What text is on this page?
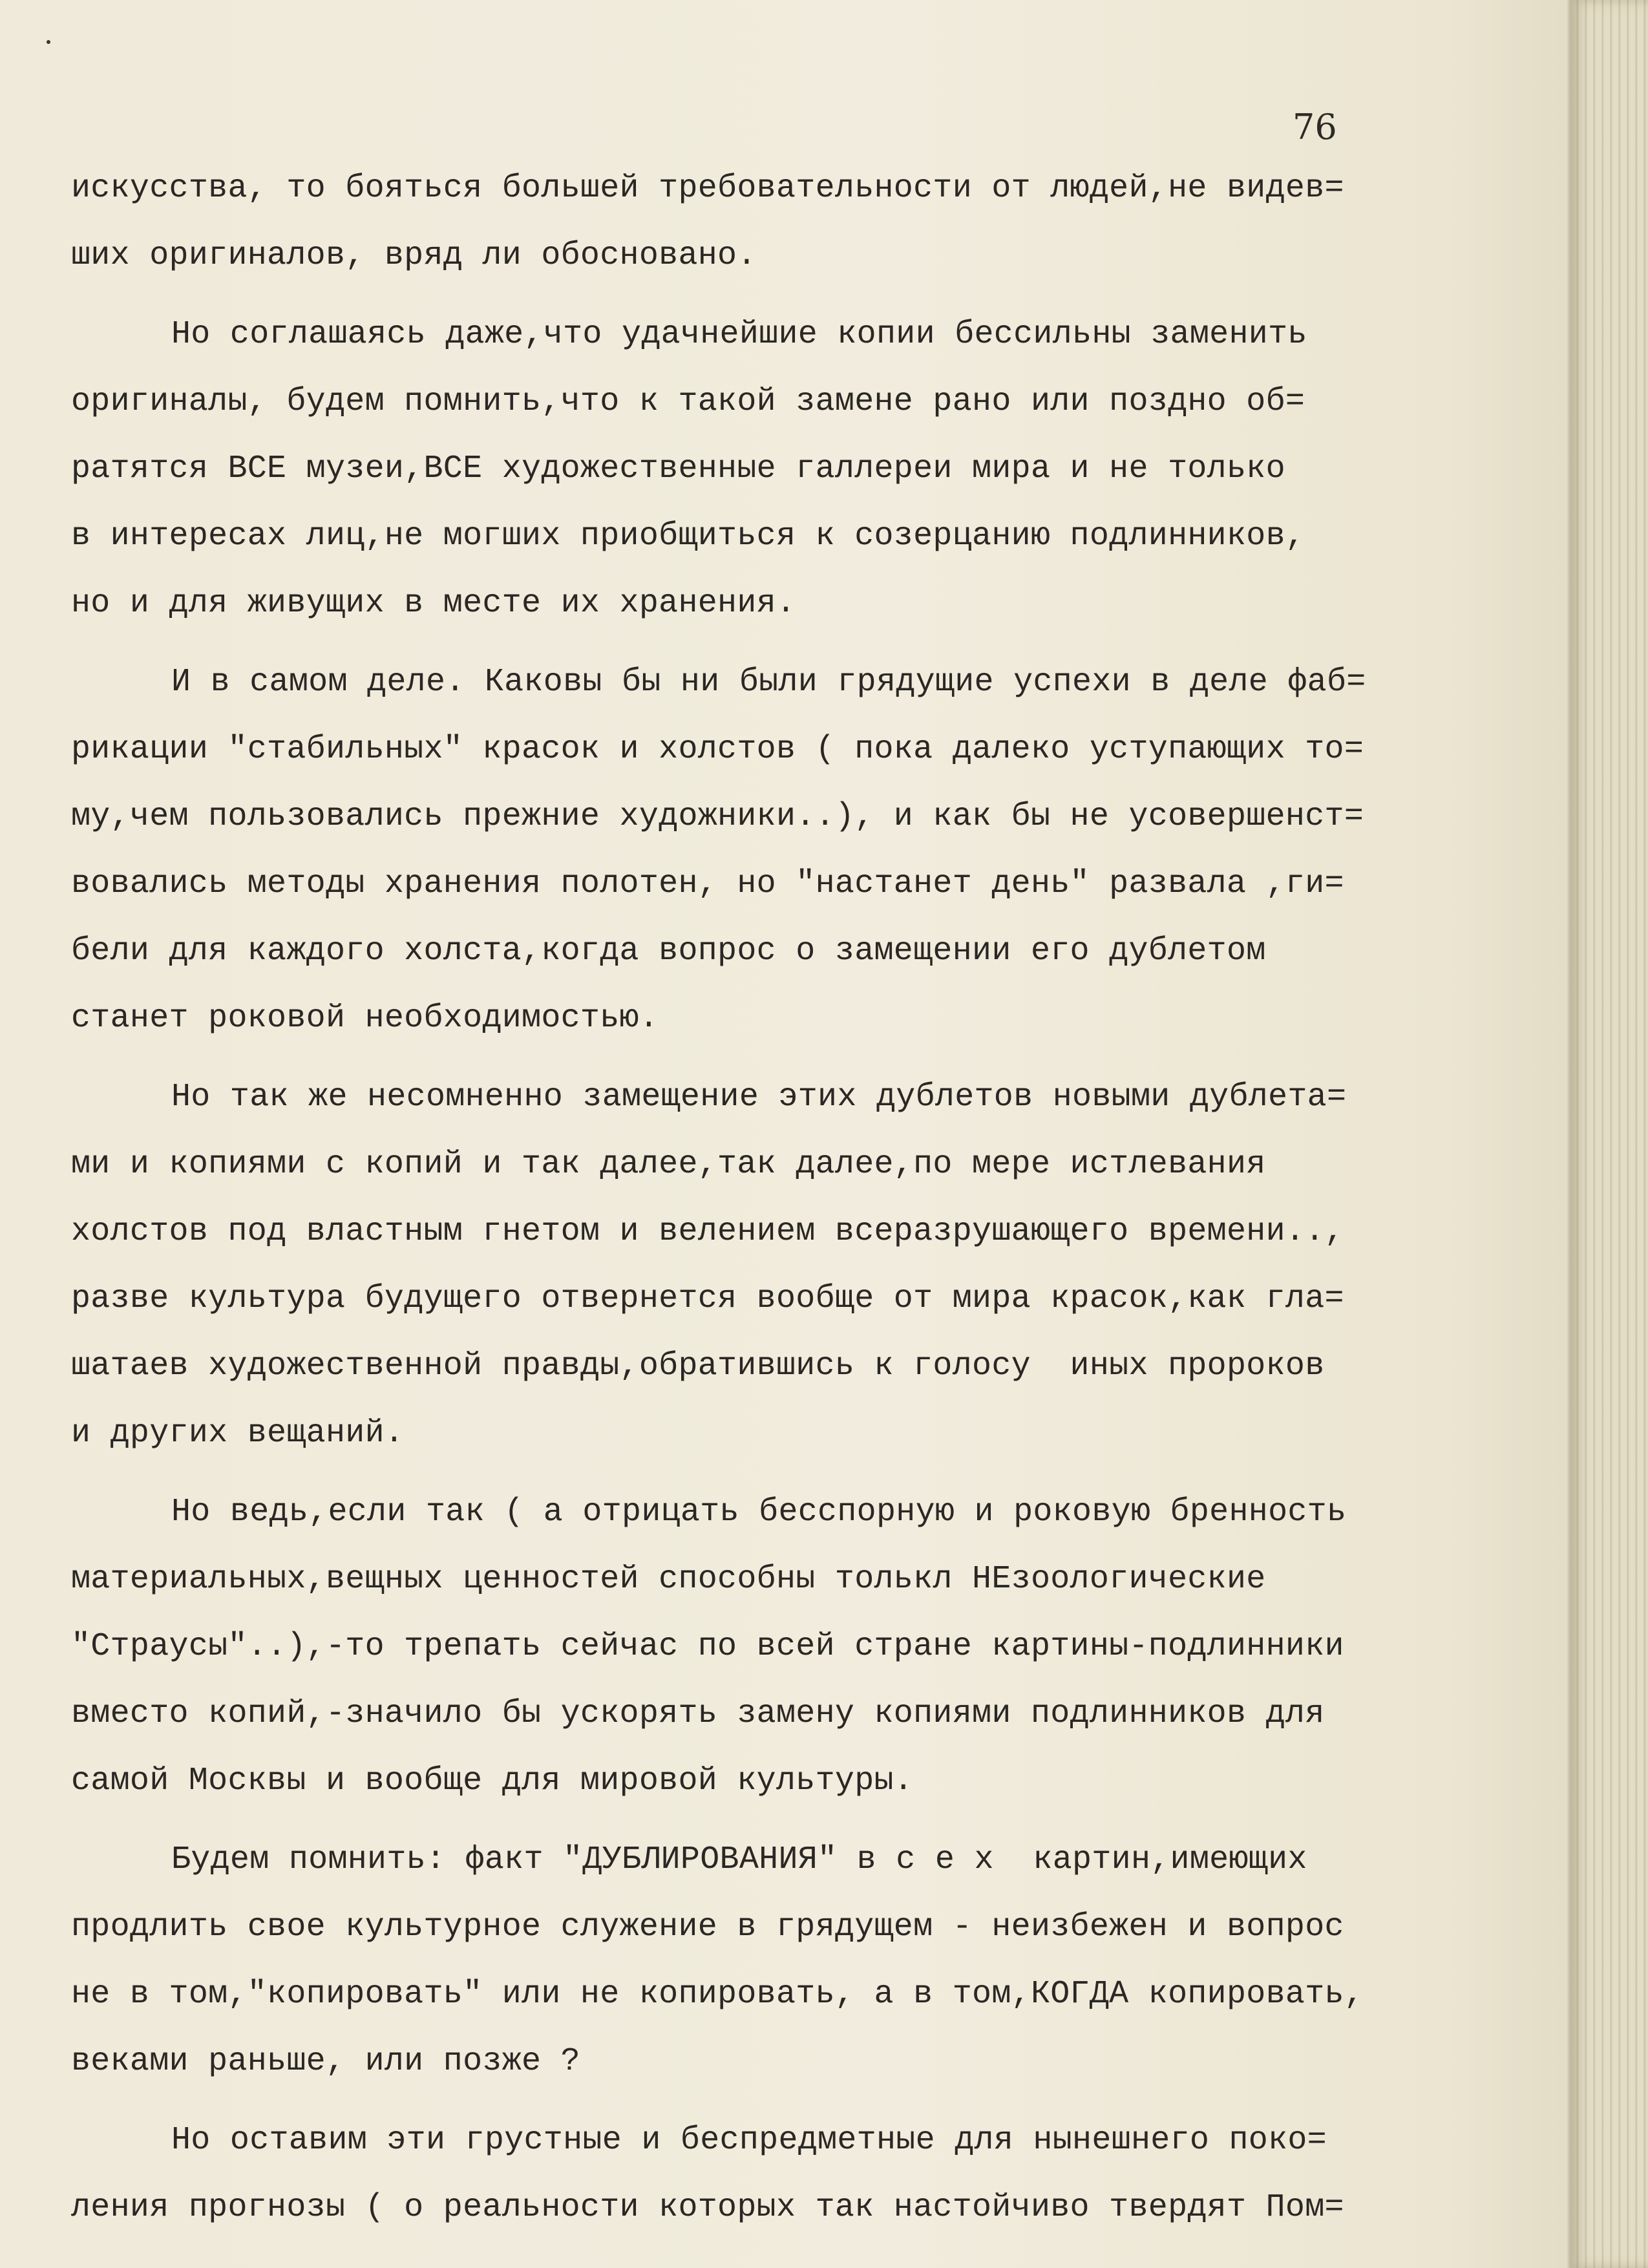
76
искусства, то бояться большей требовательности от людей,не видев=
ших оригиналов, вряд ли обосновано.
Но соглашаясь даже,что удачнейшие копии бессильны заменить
оригиналы, будем помнить,что к такой замене рано или поздно об=
ратятся ВСЕ музеи,ВСЕ художественные галлереи мира и не только
в интересах лиц,не могших приобщиться к созерцанию подлинников,
но и для живущих в месте их хранения.
И в самом деле. Каковы бы ни были грядущие успехи в деле фаб=
рикации "стабильных" красок и холстов ( пока далеко уступающих то=
му,чем пользовались прежние художники..), и как бы не усовершенст=
вовались методы хранения полотен, но "настанет день" развала ,ги=
бели для каждого холста,когда вопрос о замещении его дублетом
станет роковой необходимостью.
Но так же несомненно замещение этих дублетов новыми дублета=
ми и копиями с копий и так далее,так далее,по мере истлевания
холстов под властным гнетом и велением всеразрушающего времени..,
разве культура будущего отвернется вообще от мира красок,как гла=
шатаев художественной правды,обратившись к голосу  иных пророков
и других вещаний.
Но ведь,если так ( а отрицать бесспорную и роковую бренность
материальных,вещных ценностей способны толькл НЕзоологические
"Страусы"..),-то трепать сейчас по всей стране картины-подлинники
вместо копий,-значило бы ускорять замену копиями подлинников для
самой Москвы и вообще для мировой культуры.
Будем помнить: факт "ДУБЛИРОВАНИЯ" в с е х  картин,имеющих
продлить свое культурное служение в грядущем - неизбежен и вопрос
не в том,"копировать" или не копировать, а в том,КОГДА копировать,
веками раньше, или позже ?
Но оставим эти грустные и беспредметные для нынешнего поко=
ления прогнозы ( о реальности которых так настойчиво твердят Пом=
